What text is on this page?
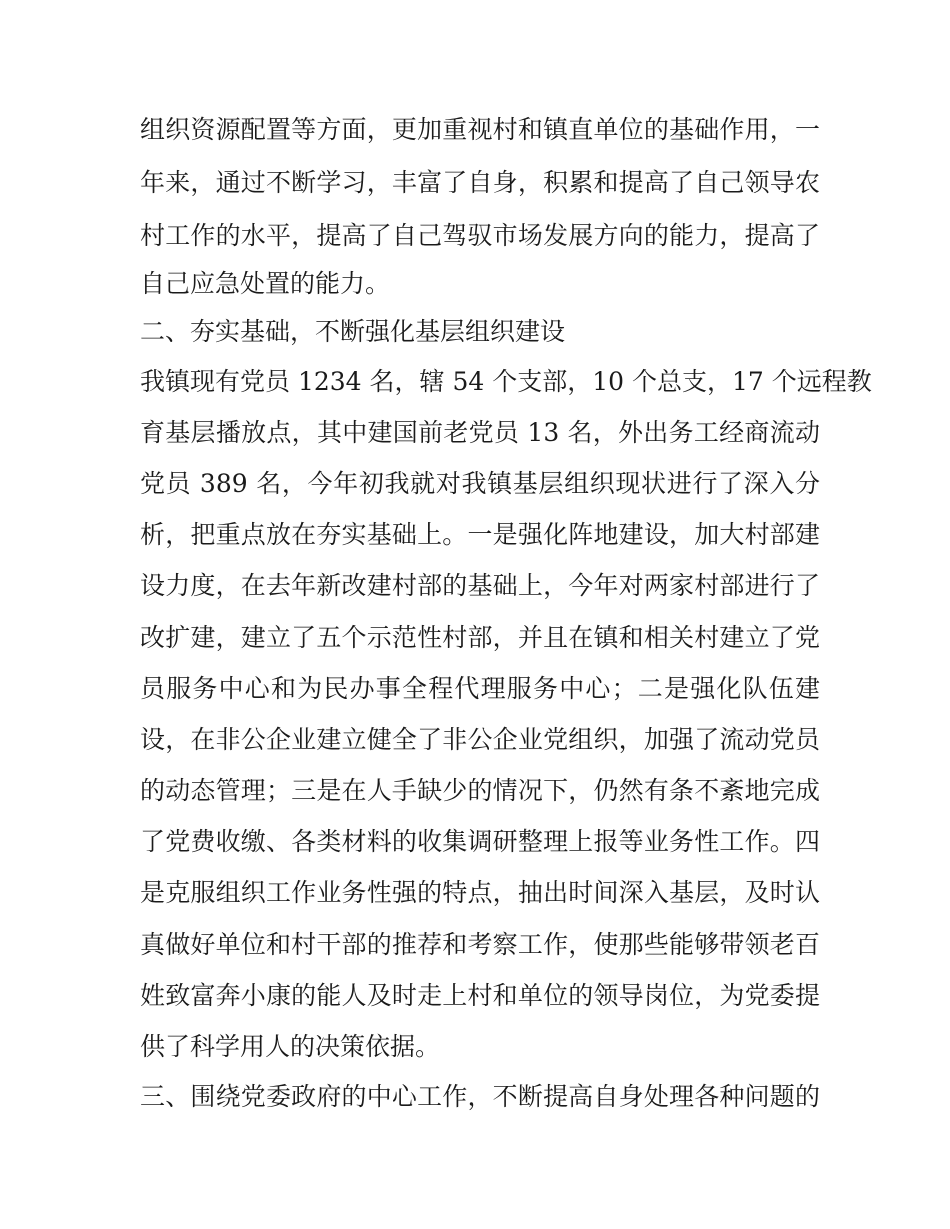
组织资源配置等方面，更加重视村和镇直单位的基础作用，一
年来，通过不断学习，丰富了自身，积累和提高了自己领导农
村工作的水平，提高了自己驾驭市场发展方向的能力，提高了
自己应急处置的能力。
二、夯实基础，不断强化基层组织建设
我镇现有党员 1234 名，辖 54 个支部，10 个总支，17 个远程教
育基层播放点，其中建国前老党员 13 名，外出务工经商流动
党员 389 名，今年初我就对我镇基层组织现状进行了深入分
析，把重点放在夯实基础上。一是强化阵地建设，加大村部建
设力度，在去年新改建村部的基础上，今年对两家村部进行了
改扩建，建立了五个示范性村部，并且在镇和相关村建立了党
员服务中心和为民办事全程代理服务中心；二是强化队伍建
设，在非公企业建立健全了非公企业党组织，加强了流动党员
的动态管理；三是在人手缺少的情况下，仍然有条不紊地完成
了党费收缴、各类材料的收集调研整理上报等业务性工作。四
是克服组织工作业务性强的特点，抽出时间深入基层，及时认
真做好单位和村干部的推荐和考察工作，使那些能够带领老百
姓致富奔小康的能人及时走上村和单位的领导岗位，为党委提
供了科学用人的决策依据。
三、围绕党委政府的中心工作，不断提高自身处理各种问题的
